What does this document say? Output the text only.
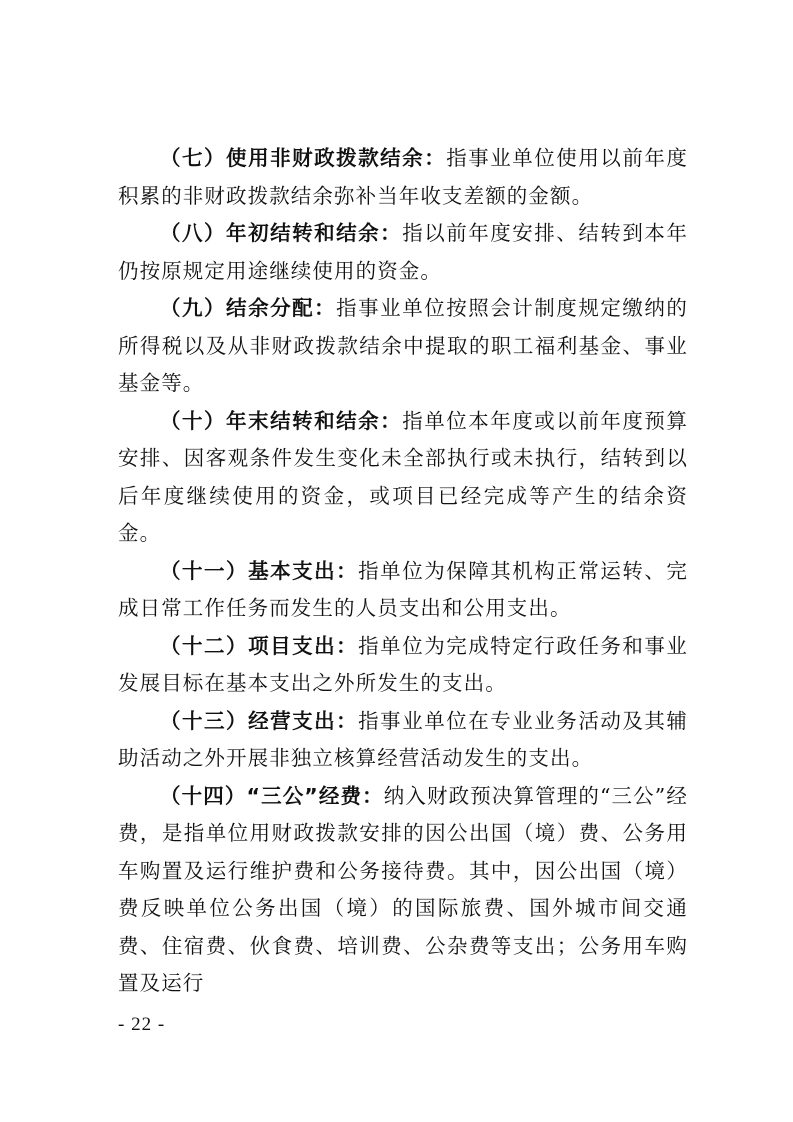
（七）使用非财政拨款结余：指事业单位使用以前年度积累的非财政拨款结余弥补当年收支差额的金额。

（八）年初结转和结余：指以前年度安排、结转到本年仍按原规定用途继续使用的资金。

（九）结余分配：指事业单位按照会计制度规定缴纳的所得税以及从非财政拨款结余中提取的职工福利基金、事业基金等。

（十）年末结转和结余：指单位本年度或以前年度预算安排、因客观条件发生变化未全部执行或未执行，结转到以后年度继续使用的资金，或项目已经完成等产生的结余资金。

（十一）基本支出：指单位为保障其机构正常运转、完成日常工作任务而发生的人员支出和公用支出。

（十二）项目支出：指单位为完成特定行政任务和事业发展目标在基本支出之外所发生的支出。

（十三）经营支出：指事业单位在专业业务活动及其辅助活动之外开展非独立核算经营活动发生的支出。

（十四）“三公”经费：纳入财政预决算管理的“三公”经费，是指单位用财政拨款安排的因公出国（境）费、公务用车购置及运行维护费和公务接待费。其中，因公出国（境）费反映单位公务出国（境）的国际旅费、国外城市间交通费、住宿费、伙食费、培训费、公杂费等支出；公务用车购置及运行

- 22 -
